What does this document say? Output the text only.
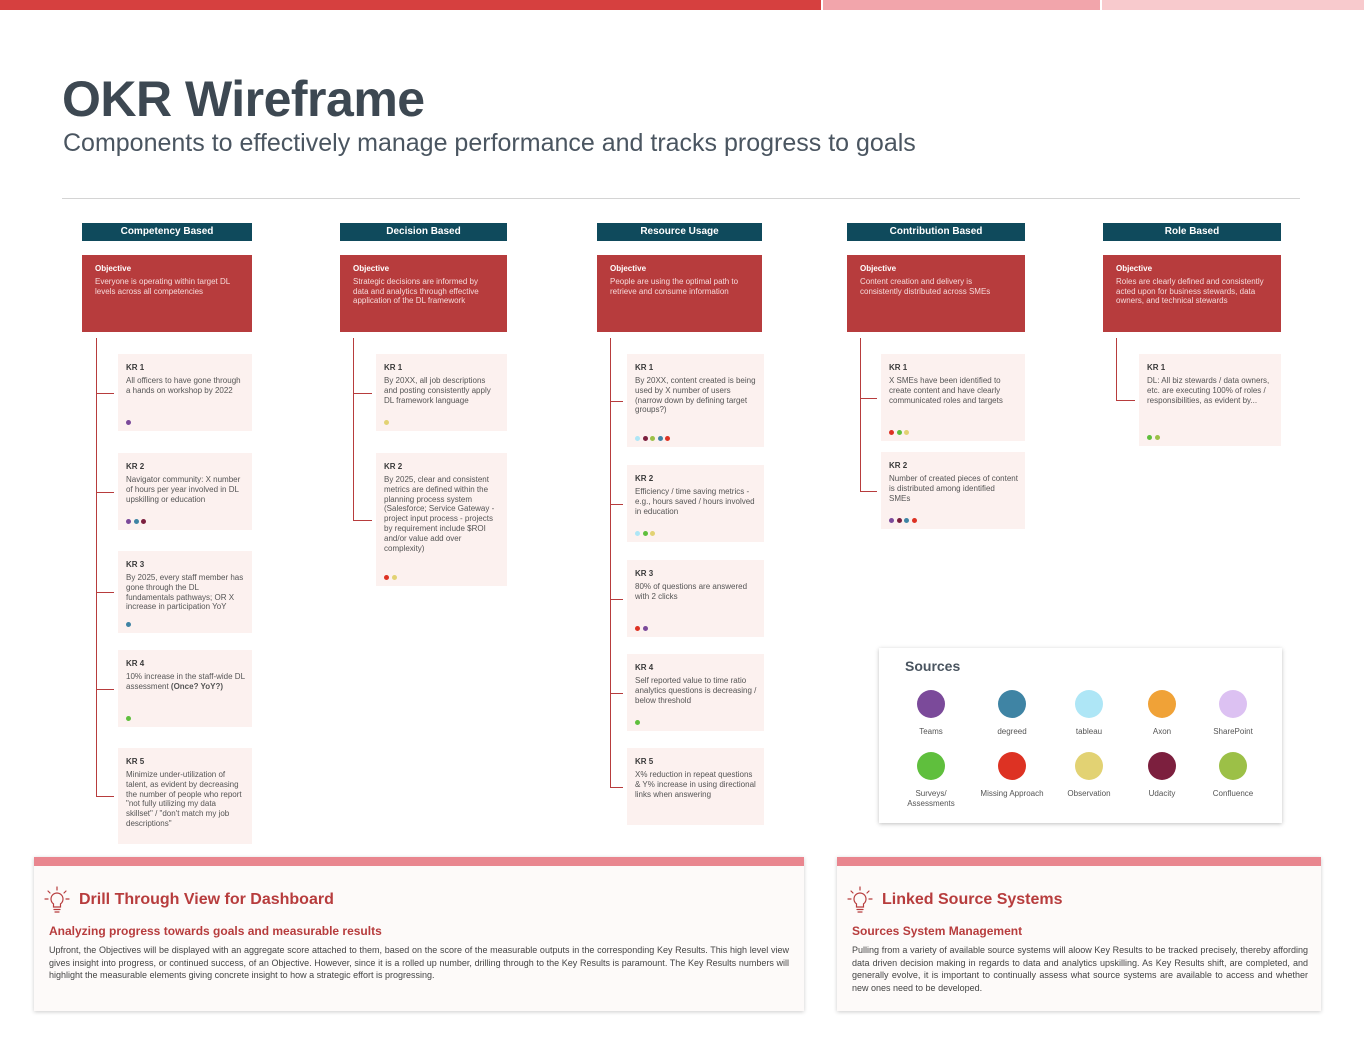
OKR Wireframe
Components to effectively manage performance and tracks progress to goals
Competency Based
Objective
Everyone is operating within target DL levels across all competencies
KR 1
All officers to have gone through a hands on workshop by 2022
KR 2
Navigator community: X number of hours per year involved in DL upskilling or education
KR 3
By 2025, every staff member has gone through the DL fundamentals pathways; OR X increase in participation YoY
KR 4
10% increase in the staff-wide DL assessment (Once? YoY?)
KR 5
Minimize under-utilization of talent, as evident by decreasing the number of people who report "not fully utilizing my data skillset" / "don't match my job descriptions"
Decision Based
Objective
Strategic decisions are informed by data and analytics through effective application of the DL framework
KR 1
By 20XX, all job descriptions and posting consistently apply DL framework language
KR 2
By 2025, clear and consistent metrics are defined within the planning process system (Salesforce; Service Gateway - project input process - projects by requirement include $ROI and/or value add over complexity)
Resource Usage
Objective
People are using the optimal path to retrieve and consume information
KR 1
By 20XX, content created is being used by X number of users (narrow down by defining target groups?)
KR 2
Efficiency / time saving metrics - e.g., hours saved / hours involved in education
KR 3
80% of questions are answered with 2 clicks
KR 4
Self reported value to time ratio analytics questions is decreasing / below threshold
KR 5
X% reduction in repeat questions & Y% increase in using directional links when answering
Contribution Based
Objective
Content creation and delivery is consistently distributed across SMEs
KR 1
X SMEs have been identified to create content and have clearly communicated roles and targets
KR 2
Number of created pieces of content is distributed among identified SMEs
Role Based
Objective
Roles are clearly defined and consistently acted upon for business stewards, data owners, and technical stewards
KR 1
DL: All biz stewards / data owners, etc. are executing 100% of roles / responsibilities, as evident by...
Sources
Teams	degreed	tableau	Axon	SharePoint
Surveys/ Assessments
Missing Approach	Observation	Udacity	Confluence
Drill Through View for Dashboard
Analyzing progress towards goals and measurable results
Upfront, the Objectives will be displayed with an aggregate score attached to them, based on the score of the measurable outputs in the corresponding Key Results. This high level view gives insight into progress, or continued success, of an Objective. However, since it is a rolled up number, drilling through to the Key Results is paramount. The Key Results numbers will highlight the measurable elements giving concrete insight to how a strategic effort is progressing.
Linked Source Systems
Sources System Management
Pulling from a variety of available source systems will aloow Key Results to be tracked precisely, thereby affording data driven decision making in regards to data and analytics upskilling. As Key Results shift, are completed, and generally evolve, it is important to continually assess what source systems are available to access and whether new ones need to be developed.
